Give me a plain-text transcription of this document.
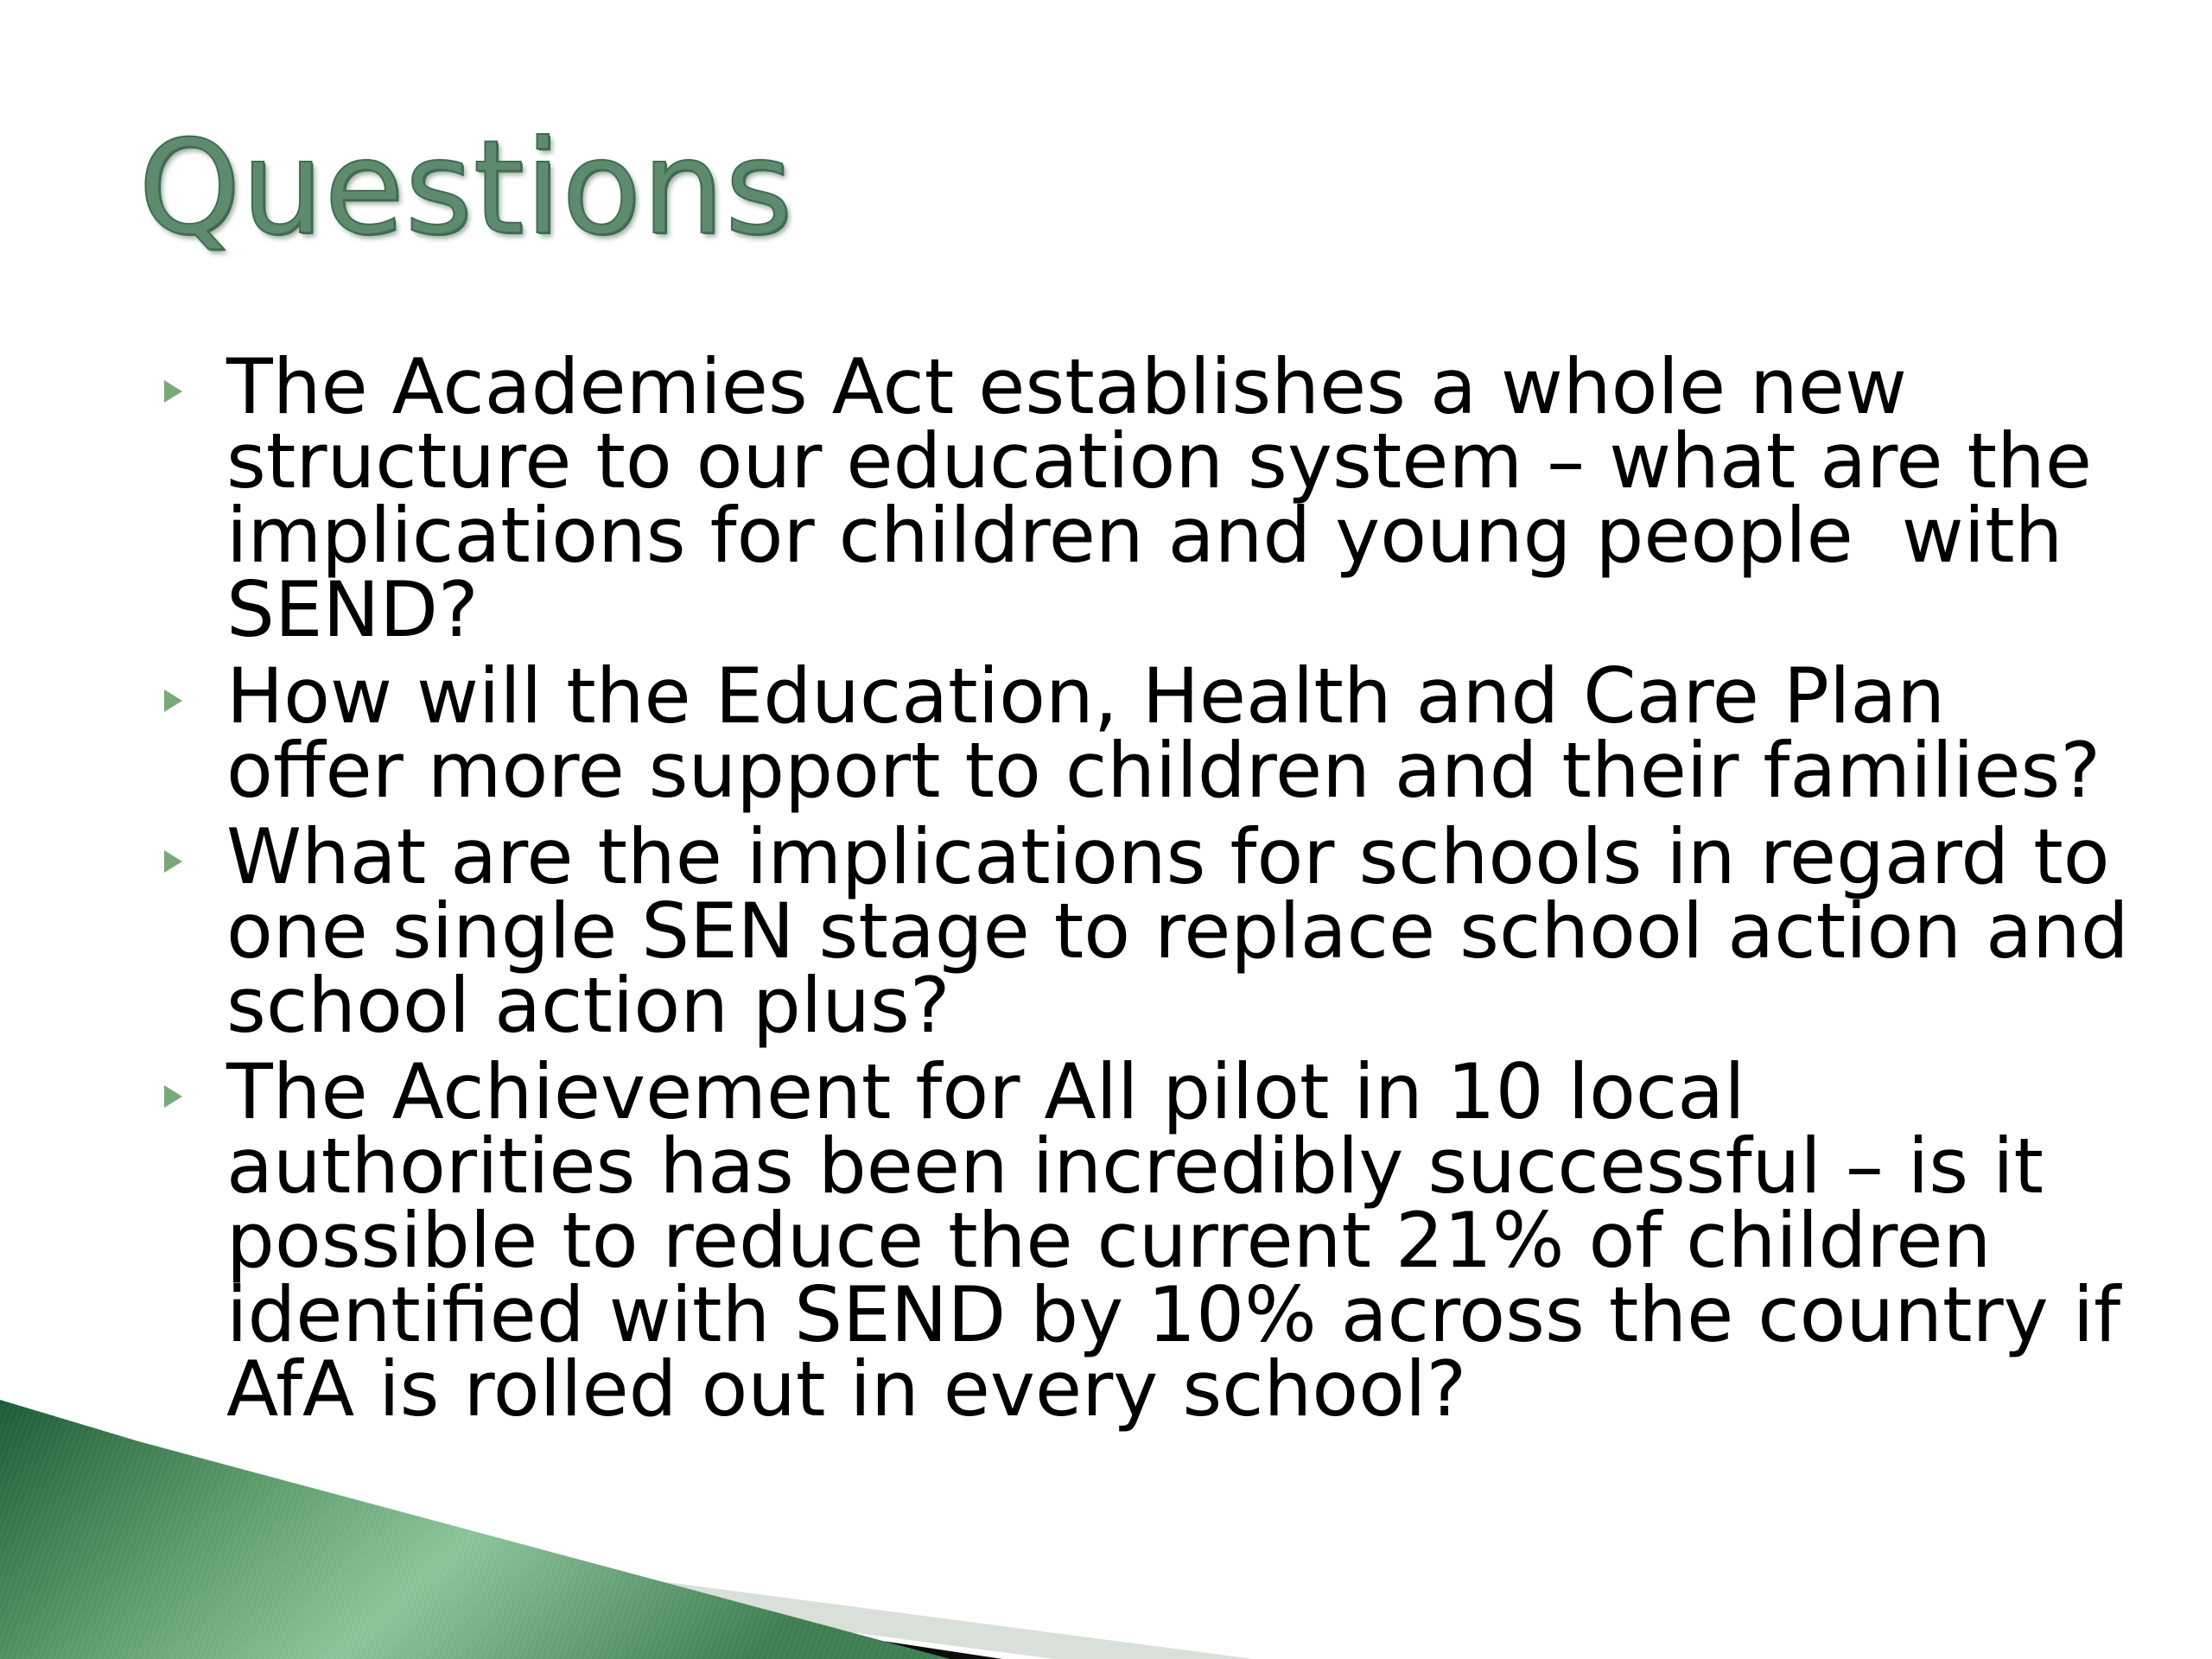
Questions
The Academies Act establishes a whole new
structure to our education system – what are the
implications for children and young people  with
SEND?
How will the Education, Health and Care Plan
offer more support to children and their families?
What are the implications for schools in regard to
one single SEN stage to replace school action and
school action plus?
The Achievement for All pilot in 10 local
authorities has been incredibly successful – is it
possible to reduce the current 21% of children
identified with SEND by 10% across the country if
AfA is rolled out in every school?
